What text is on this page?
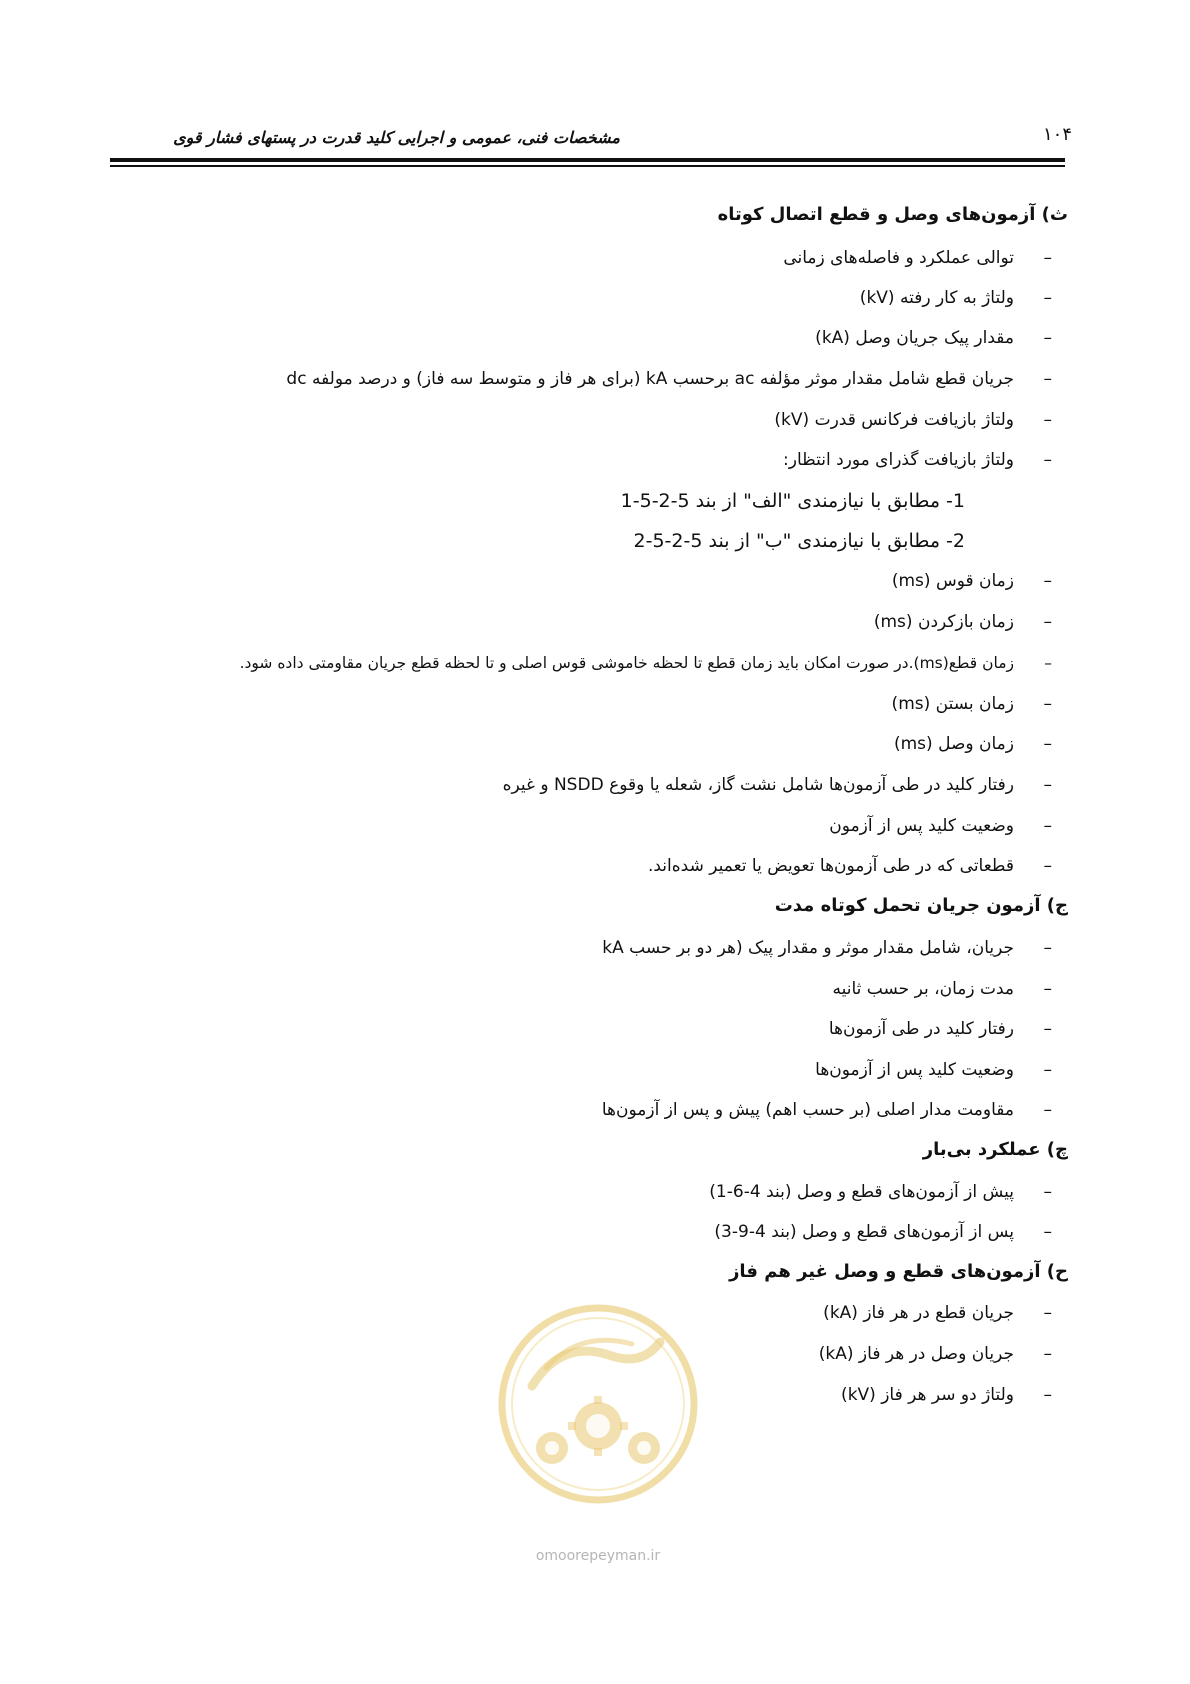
مشخصات فنی، عمومی و اجرایی کلید قدرت در پستهای فشار قوی	۱۰۴
ث) آزمون‌های وصل و قطع اتصال کوتاه
–توالی عملکرد و فاصله‌های زمانی
–ولتاژ به کار رفته (kV)
–مقدار پیک جریان وصل (kA)
–جریان قطع شامل مقدار موثر مؤلفه ac برحسب kA (برای هر فاز و متوسط سه فاز) و درصد مولفه dc
–ولتاژ بازیافت فرکانس قدرت (kV)
–ولتاژ بازیافت گذرای مورد انتظار:
1- مطابق با نیازمندی "الف" از بند 5-2-5-1
2- مطابق با نیازمندی "ب" از بند 5-2-5-2
–زمان قوس (ms)
–زمان بازکردن (ms)
–زمان قطع(ms).در صورت امکان باید زمان قطع تا لحظه خاموشی قوس اصلی و تا لحظه قطع جریان مقاومتی داده شود.
–زمان بستن (ms)
–زمان وصل (ms)
–رفتار کلید در طی آزمون‌ها شامل نشت گاز، شعله یا وقوع NSDD و غیره
–وضعیت کلید پس از آزمون
–قطعاتی که در طی آزمون‌ها تعویض یا تعمیر شده‌اند.
ج) آزمون جریان تحمل کوتاه مدت
–جریان، شامل مقدار موثر و مقدار پیک (هر دو بر حسب kA
–مدت زمان، بر حسب ثانیه
–رفتار کلید در طی آزمون‌ها
–وضعیت کلید پس از آزمون‌ها
–مقاومت مدار اصلی (بر حسب اهم) پیش و پس از آزمون‌ها
چ) عملکرد بی‌بار
–پیش از آزمون‌های قطع و وصل (بند 4-6-1)
–پس از آزمون‌های قطع و وصل (بند 4-9-3)
ح) آزمون‌های قطع و وصل غیر هم فاز
–جریان قطع در هر فاز (kA)
–جریان وصل در هر فاز (kA)
–ولتاژ دو سر هر فاز (kV)
omoorepeyman.ir
